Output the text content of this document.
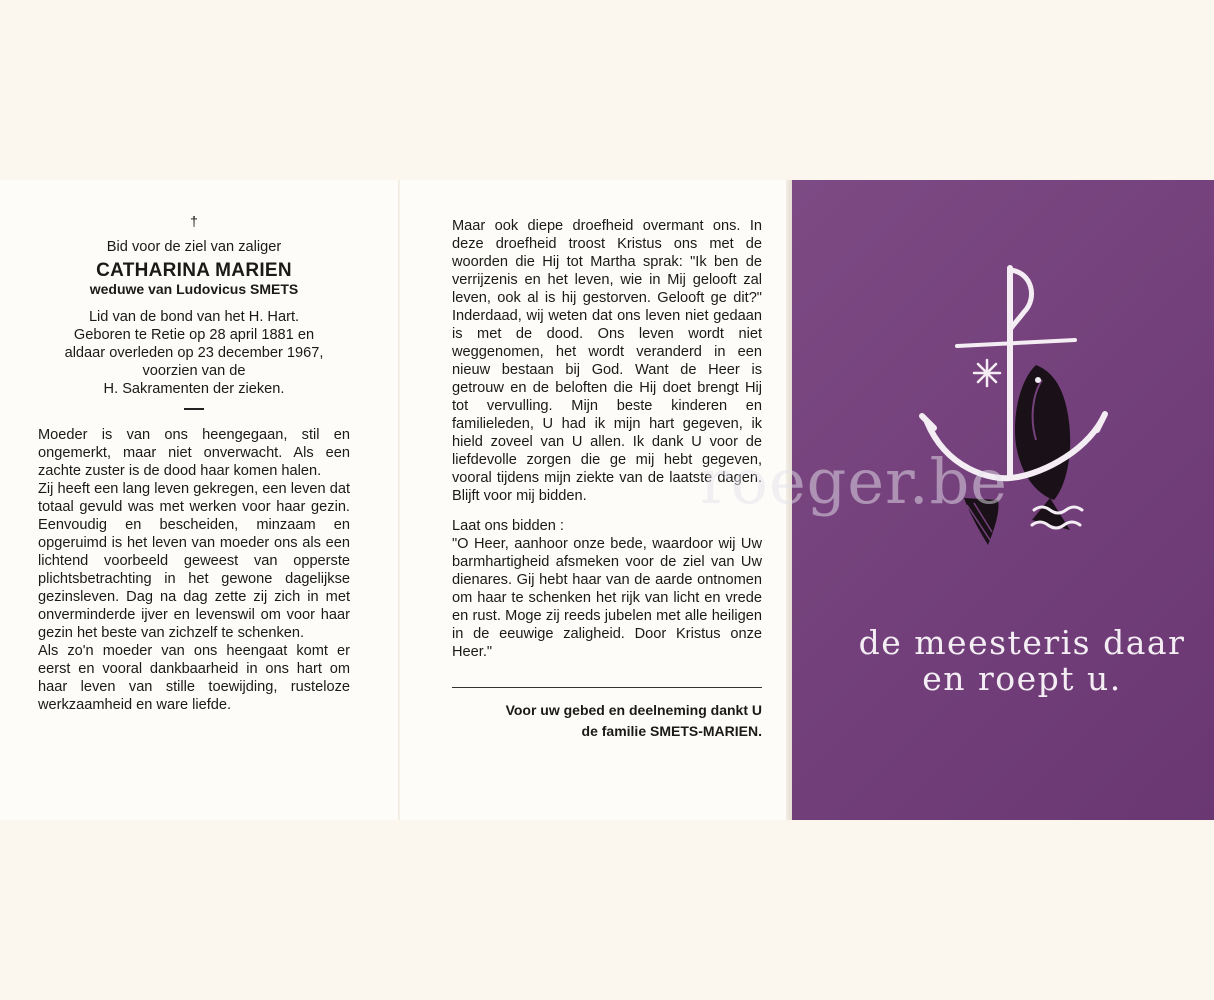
†
Bid voor de ziel van zaliger
CATHARINA MARIEN
weduwe van Ludovicus SMETS
Lid van de bond van het H. Hart.
Geboren te Retie op 28 april 1881 en
aldaar overleden op 23 december 1967,
voorzien van de
H. Sakramenten der zieken.
Moeder is van ons heengegaan, stil en ongemerkt, maar niet onverwacht. Als een zachte zuster is de dood haar komen halen.
Zij heeft een lang leven gekregen, een leven dat totaal gevuld was met werken voor haar gezin. Eenvoudig en bescheiden, minzaam en opgeruimd is het leven van moeder ons als een lichtend voorbeeld geweest van opperste plichtsbetrachting in het gewone dagelijkse gezinsleven. Dag na dag zette zij zich in met onverminderde ijver en levenswil om voor haar gezin het beste van zichzelf te schenken.
Als zo'n moeder van ons heengaat komt er eerst en vooral dankbaarheid in ons hart om haar leven van stille toewijding, rusteloze werkzaamheid en ware liefde.
Maar ook diepe droefheid overmant ons. In deze droefheid troost Kristus ons met de woorden die Hij tot Martha sprak: "Ik ben de verrijzenis en het leven, wie in Mij gelooft zal leven, ook al is hij gestorven. Gelooft ge dit?" Inderdaad, wij weten dat ons leven niet gedaan is met de dood. Ons leven wordt niet weggenomen, het wordt veranderd in een nieuw bestaan bij God. Want de Heer is getrouw en de beloften die Hij doet brengt Hij tot vervulling. Mijn beste kinderen en familieleden, U had ik mijn hart gegeven, ik hield zoveel van U allen. Ik dank U voor de liefdevolle zorgen die ge mij hebt gegeven, vooral tijdens mijn ziekte van de laatste dagen. Blijft voor mij bidden.
Laat ons bidden :
"O Heer, aanhoor onze bede, waardoor wij Uw barmhartigheid afsmeken voor de ziel van Uw dienares. Gij hebt haar van de aarde ontnomen om haar te schenken het rijk van licht en vrede en rust. Moge zij reeds jubelen met alle heiligen in de eeuwige zaligheid. Door Kristus onze Heer."
Voor uw gebed en deelneming dankt U
de familie SMETS-MARIEN.
de meesteris daar
en roept u.
roeger.be
